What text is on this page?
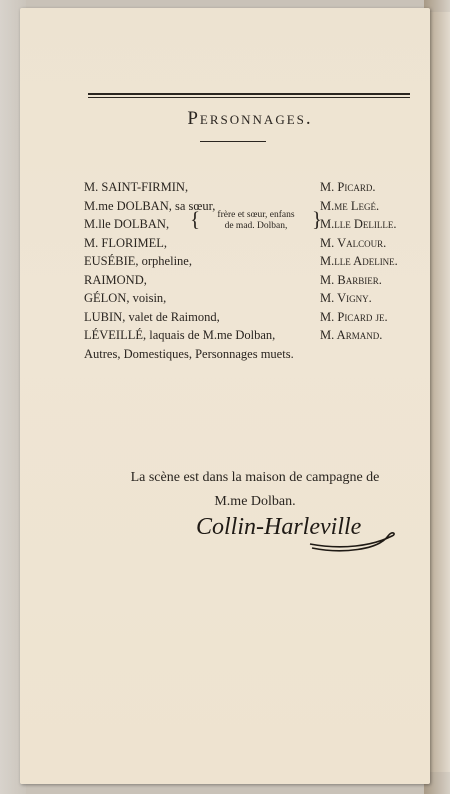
Personnages.
M. SAINT-FIRMIN,	M. Picard.
M.me DOLBAN, sa sœur,	M.me Legé.
M.lle DOLBAN,	M.lle Delille.
M. FLORIMEL,	M. Valcour.
{	frère et sœur, enfans
de mad. Dolban,	}
EUSÉBIE, orpheline,	M.lle Adeline.
RAIMOND,	M. Barbier.
GÉLON, voisin,	M. Vigny.
LUBIN, valet de Raimond,	M. Picard je.
LÉVEILLÉ, laquais de M.me Dolban,	M. Armand.
Autres, Domestiques, Personnages muets.
La scène est dans la maison de campagne de
M.me Dolban.
Collin-Harleville
